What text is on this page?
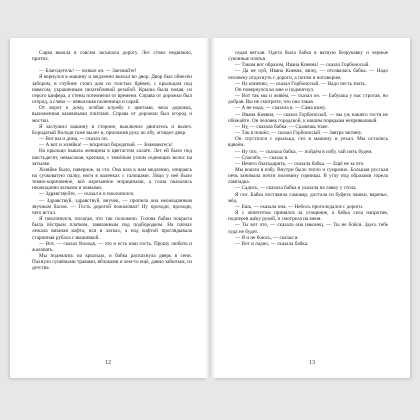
Сарва вышла и совсем засыпала дорогу. Лес стоял недвижно, притих.

— Благодетель! — позвал он. — Заезжайте!

Я вернулся в машину и медленно въехал во двор. Двор был обнесён забором, в глубине стоял дом из толстых брёвен, с крыльцом под навесом, украшенным незатейливой резьбой. Крыша была новая, из серого шифера, а стены потемнели от времени. Справа от дорожки был огород, а слева — невысокая поленница и сарай.

От ворот к дому, огибая клумбу с цветами, вела дорожка, выложенная каменными плитами. Справа от дорожки был огород и мостки.

Я заглушил машину в стороне, выключил двигатель и вылез. Бородатый Володя тоже вылез и, приложив руку ко лбу, оглядел двор.

— Вот вы и дома, — сказал он.

— А вот и хозяйка! — вскричал бородатый. — Знакомьтесь!

На крыльцо вышла женщина в цветастом халате. Лет ей было под шестьдесят, невысокая, крепкая, с тяжёлым узлом седеющих волос на затылке.

Хозяйке было, наверное, за сто. Она шла к нам медленно, опираясь на сучковатую палку, ноги в валенках с галошами. Лицо у неё было темно-коричневое, всё изрезанное морщинами, а глаза оказались неожиданно ясными и живыми.

— Здравствуйте, — сказал я и поклонился.

— Здравствуй, здравствуй, внучек, — пропела она неожиданным звучным басом. — Гость дорогой пожаловал! Ну проходи, проходи, чего встал.

Я поклонился, полагая, что так положено. Голова бабки покрыта была пёстрым платком, завязанным под подбородком. На плечах лежала вязаная кофта, вся в латках, а под кофтой проглядывала старинная рубаха с вышивкой.

— Вот, — сказал Володя, — это и есть наш гость. Прошу любить и жаловать.

Мы поднялись на крыльцо, и бабка распахнула дверь в сени. Пахнуло сушёными травами, яблоками и чем-то ещё, давно забытым, из детства.

12

седая ветхая. Одета была бабка в ватную безрукавку и черные суконные платья.

— Таким вот образом, Ивана Киевна! — сказал Горбоносый.

— Да не чуй, Ивана Киевна, вижу, — отозвалась бабка. — Надо человеку отдохнуть с дороги, а потом и поговорим.

— Ну конечно, — сказал Горбоносый. — Надо честь знать.

Он повернулся ко мне и подмигнул.

— Вот так мы и живём, — сказал он. — Бабушка у нас строгая, но добрая. Вы не смотрите, что она такая.

— А не надо, — сказала я. — Сама вижу.

— Ивана Киевна, — сказал Горбоносый, — вы уж нашего гостя не обижайте. Он человек городской, к нашим порядкам непривычный.

— Ну, — сказала бабка. — Скажешь тоже.

— Так я пошёл, — сказал Горбоносый. — Завтра загляну.

Он спустился с крыльца, сел в машину и уехал. Мы остались вдвоём.

— Ну что, — сказала бабка, — пойдём в избу, чай пить будем.

— Спасибо, — сказал я.

— Нечего благодарить, — сказала бабка. — Ещё не за что.

Мы вошли в избу. Внутри было тепло и сумрачно. Большая русская печь занимала почти половину горницы. В углу под образами горела лампадка.

— Садись, — сказала бабка и указала на лавку у стола.

Я сел. Бабка поставила самовар, достала из буфета чашки, варенье, мёд.

— Ешь, — сказала она. — Небось проголодался с дороги.

Я с аппетитом принялся за угощение, а бабка села напротив, подперев щёку рукой, и смотрела на меня.

— Ты вот что, — сказала она наконец. — Ты не бойся. Здесь тебе худа не будет.

— Я и не боюсь, — сказал я.

— Вот и ладно, — сказала бабка.

13
